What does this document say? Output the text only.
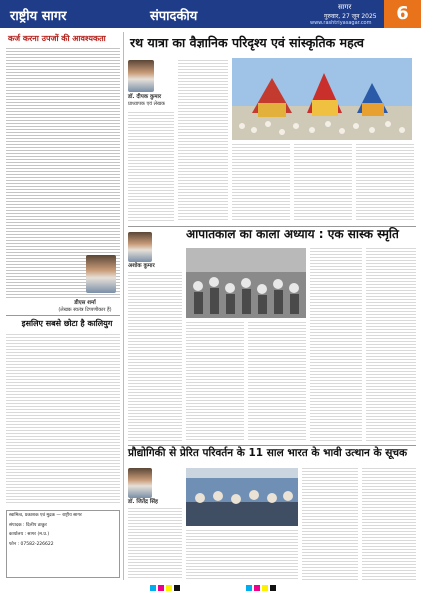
राष्ट्रीय सागर	संपादकीय
सागर
गुरुवार, 27 जून 2025
www.rashtriyasagar.com	6
कर्ज करना उपजों की आवश्यकता
डीएस शर्मा
(लेखक स्वतंत्र टिप्पणीकार हैं)
इसलिए सबसे छोटा है कालियुग
स्वामित्व, प्रकाशक एवं मुद्रक — राष्ट्रीय सागर
संपादक : दिलीप ठाकुर
कार्यालय : सागर (म.प्र.)
फोन : 07582-226622
रथ यात्रा का वैज्ञानिक परिदृश्य एवं सांस्कृतिक महत्व
डॉ. दीपक कुमार
प्राध्यापक एवं लेखक
आपातकाल का काला अध्याय : एक सास्क स्मृति
अशोक कुमार
प्रौद्योगिकी से प्रेरित परिवर्तन के 11 साल भारत के भावी उत्थान के सूचक
डॉ. जितेंद्र सिंह
